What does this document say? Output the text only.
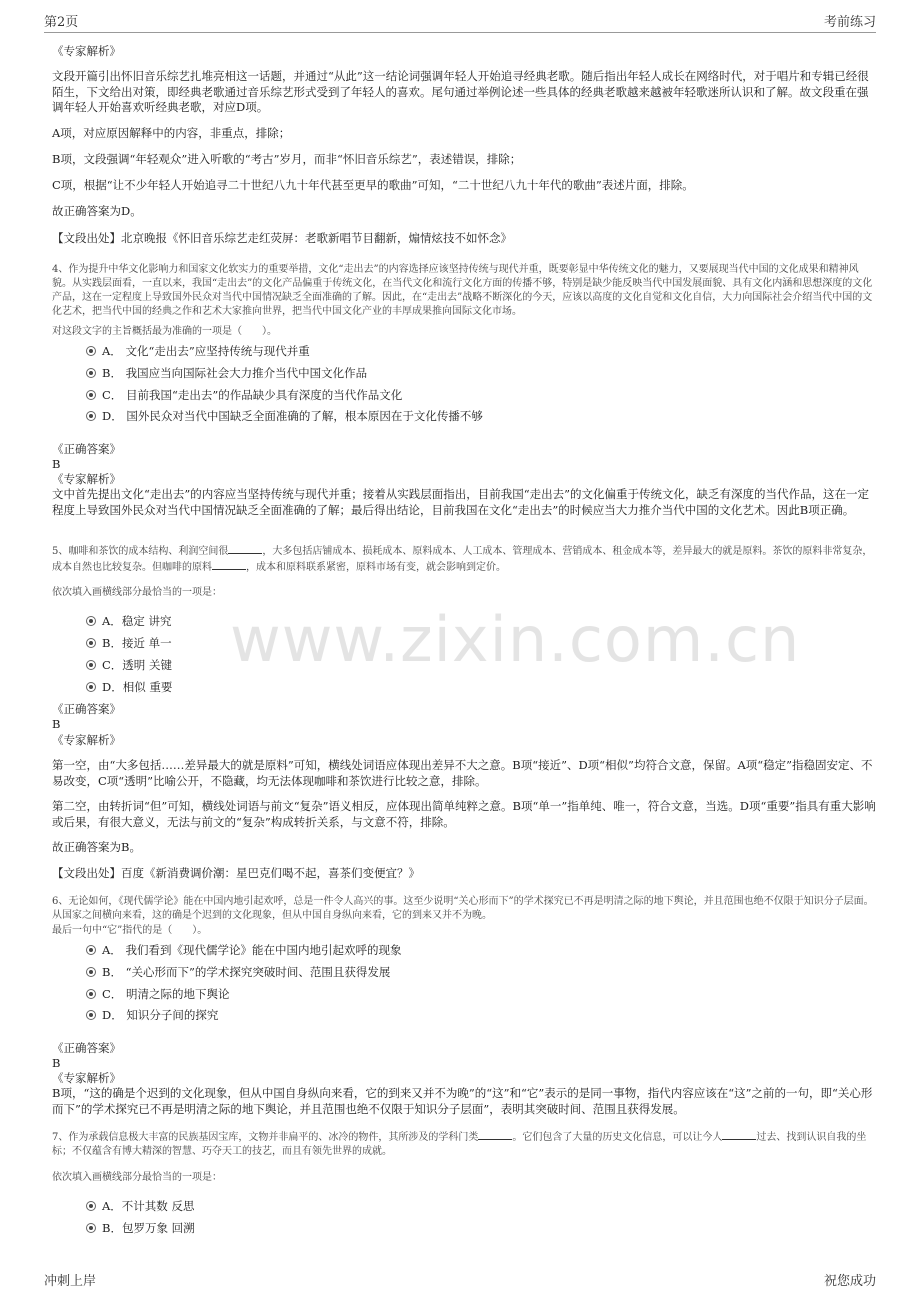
第2页	考前练习
www.zixin.com.cn
《专家解析》
文段开篇引出怀旧音乐综艺扎堆亮相这一话题，并通过“从此”这一结论词强调年轻人开始追寻经典老歌。随后指出年轻人成长在网络时代，对于唱片和专辑已经很陌生，下文给出对策，即经典老歌通过音乐综艺形式受到了年轻人的喜欢。尾句通过举例论述一些具体的经典老歌越来越被年轻歌迷所认识和了解。故文段重在强调年轻人开始喜欢听经典老歌，对应D项。
A项，对应原因解释中的内容，非重点，排除；
B项，文段强调“年轻观众”进入听歌的“考古”岁月，而非“怀旧音乐综艺”，表述错误，排除；
C项，根据“让不少年轻人开始追寻二十世纪八九十年代甚至更早的歌曲”可知，“二十世纪八九十年代的歌曲”表述片面，排除。
故正确答案为D。
【文段出处】北京晚报《怀旧音乐综艺走红荧屏：老歌新唱节目翻新，煽情炫技不如怀念》
4、作为提升中华文化影响力和国家文化软实力的重要举措，文化“走出去”的内容选择应该坚持传统与现代并重，既要彰显中华传统文化的魅力，又要展现当代中国的文化成果和精神风貌。从实践层面看，一直以来，我国“走出去”的文化产品偏重于传统文化，在当代文化和流行文化方面的传播不够，特别是缺少能反映当代中国发展面貌、具有文化内涵和思想深度的文化产品，这在一定程度上导致国外民众对当代中国情况缺乏全面准确的了解。因此，在“走出去”战略不断深化的今天，应该以高度的文化自觉和文化自信，大力向国际社会介绍当代中国的文化艺术，把当代中国的经典之作和艺术大家推向世界，把当代中国文化产业的丰厚成果推向国际文化市场。
对这段文字的主旨概括最为准确的一项是（　　）。
A． 文化“走出去”应坚持传统与现代并重
B． 我国应当向国际社会大力推介当代中国文化作品
C． 目前我国“走出去”的作品缺少具有深度的当代作品文化
D． 国外民众对当代中国缺乏全面准确的了解，根本原因在于文化传播不够
《正确答案》
B
《专家解析》
文中首先提出文化“走出去”的内容应当坚持传统与现代并重；接着从实践层面指出，目前我国“走出去”的文化偏重于传统文化，缺乏有深度的当代作品，这在一定程度上导致国外民众对当代中国情况缺乏全面准确的了解；最后得出结论，目前我国在文化“走出去”的时候应当大力推介当代中国的文化艺术。因此B项正确。
5、咖啡和茶饮的成本结构、利润空间很	，大多包括店铺成本、损耗成本、原料成本、人工成本、管理成本、营销成本、租金成本等，差异最大的就是原料。茶饮的原料非常复杂，成本自然也比较复杂。但咖啡的原料	，成本和原料联系紧密，原料市场有变，就会影响到定价。
依次填入画横线部分最恰当的一项是：
A．稳定 讲究
B．接近 单一
C．透明 关键
D．相似 重要
《正确答案》
B
《专家解析》
第一空，由“大多包括……差异最大的就是原料”可知，横线处词语应体现出差异不大之意。B项“接近”、D项“相似”均符合文意，保留。A项“稳定”指稳固安定、不易改变，C项“透明”比喻公开，不隐藏，均无法体现咖啡和茶饮进行比较之意，排除。
第二空，由转折词“但”可知，横线处词语与前文“复杂”语义相反，应体现出简单纯粹之意。B项“单一”指单纯、唯一，符合文意，当选。D项“重要”指具有重大影响或后果，有很大意义，无法与前文的“复杂”构成转折关系，与文意不符，排除。
故正确答案为B。
【文段出处】百度《新消费调价潮：星巴克们喝不起，喜茶们变便宜？》
6、无论如何，《现代儒学论》能在中国内地引起欢呼，总是一件令人高兴的事。这至少说明“关心形而下”的学术探究已不再是明清之际的地下舆论，并且范围也绝不仅限于知识分子层面。从国家之间横向来看，这的确是个迟到的文化现象，但从中国自身纵向来看，它的到来又并不为晚。
最后一句中“它”指代的是（　　）。
A． 我们看到《现代儒学论》能在中国内地引起欢呼的现象
B． “关心形而下”的学术探究突破时间、范围且获得发展
C． 明清之际的地下舆论
D． 知识分子间的探究
《正确答案》
B
《专家解析》
B项，“这的确是个迟到的文化现象，但从中国自身纵向来看，它的到来又并不为晚”的“这”和“它”表示的是同一事物，指代内容应该在“这”之前的一句，即“关心形而下”的学术探究已不再是明清之际的地下舆论，并且范围也绝不仅限于知识分子层面”，表明其突破时间、范围且获得发展。
7、作为承载信息极大丰富的民族基因宝库，文物并非扁平的、冰冷的物件，其所涉及的学科门类	。它们包含了大量的历史文化信息，可以让今人	过去、找到认识自我的坐标；不仅蕴含有博大精深的智慧、巧夺天工的技艺，而且有领先世界的成就。
依次填入画横线部分最恰当的一项是：
A．不计其数 反思
B．包罗万象 回溯
冲刺上岸	祝您成功
